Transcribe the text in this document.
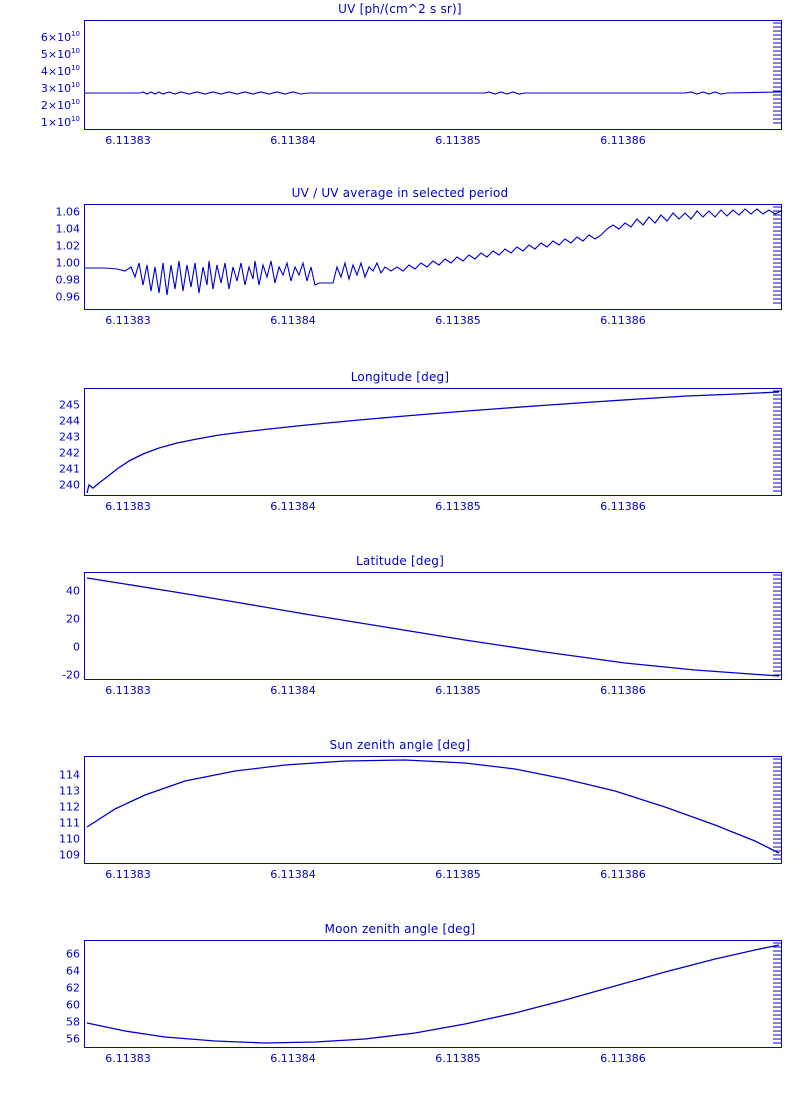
UV [ph/(cm^2 s sr)]
$1\times 10^{10}$
$2\times 10^{10}$
$3\times 10^{10}$
$4\times 10^{10}$
$5\times 10^{10}$
$6\times 10^{10}$
6.11383	6.11384	6.11385	6.11386
UV / UV average in selected period
0.96
0.98
1.00
1.02
1.04
1.06
6.11383	6.11384	6.11385	6.11386
Longitude [deg]
240
241
242
243
244
245
6.11383	6.11384	6.11385	6.11386
Latitude [deg]
-20
0
20
40
6.11383	6.11384	6.11385	6.11386
Sun zenith angle [deg]
109
110
111
112
113
114
6.11383	6.11384	6.11385	6.11386
Moon zenith angle [deg]
56
58
60
62
64
66
6.11383	6.11384	6.11385	6.11386
